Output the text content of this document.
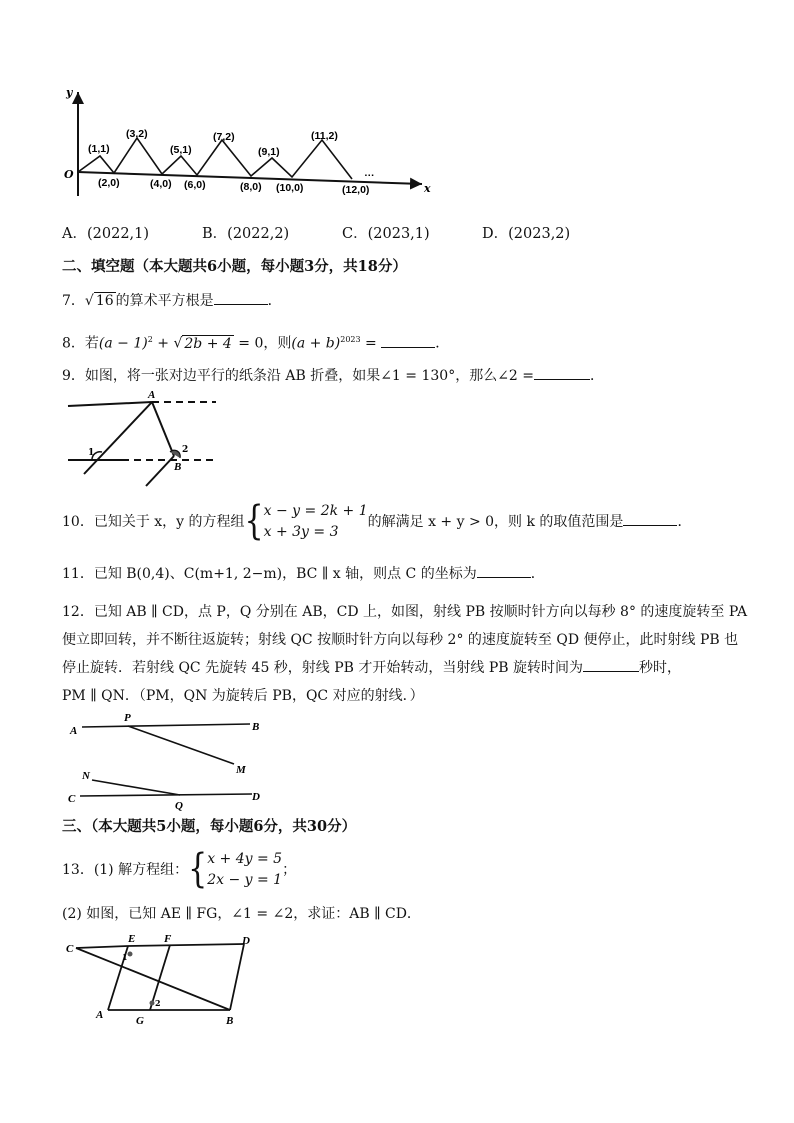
y
x
O
(1,1)
(3,2)
(5,1)
(7,2)
(9,1)
(11,2)
(2,0)	(4,0) (6,0)	(8,0) (10,0)	(12,0)
…
A．(2022,1)	B．(2022,2)	C．(2023,1)	D．(2023,2)
二、填空题（本大题共6小题，每小题3分，共18分）
7．√ 16 的算术平方根是	．
8．若$(a - 1)^2$ + √ 2b + 4 = 0，则$(a + b)^{2023}$ =	．
9．如图，将一张对边平行的纸条沿 AB 折叠，如果∠1 = 130°，那么∠2 =	．
A
B
1	2
10．已知关于 x，y 的方程组{x − y = 2k + 1
x + 3y = 3的解满足 x + y > 0，则 k 的取值范围是	．
11．已知 B(0,4)、C(m+1, 2−m)，BC ∥ x 轴，则点 C 的坐标为	．
12．已知 AB ∥ CD，点 P，Q 分别在 AB，CD 上，如图，射线 PB 按顺时针方向以每秒 8° 的速度旋转至 PA
便立即回转，并不断往返旋转；射线 QC 按顺时针方向以每秒 2° 的速度旋转至 QD 便停止，此时射线 PB 也
停止旋转．若射线 QC 先旋转 45 秒，射线 PB 才开始转动，当射线 PB 旋转时间为	秒时，
PM ∥ QN．（PM，QN 为旋转后 PB，QC 对应的射线．）
A
P
B
M
N
C
Q
D
三、（本大题共5小题，每小题6分，共30分）
13．(1) 解方程组：{x + 4y = 5
2x − y = 1；
(2) 如图，已知 AE ∥ FG，∠1 = ∠2，求证：AB ∥ CD．
C
E	F	D
A	G	B
1
2
